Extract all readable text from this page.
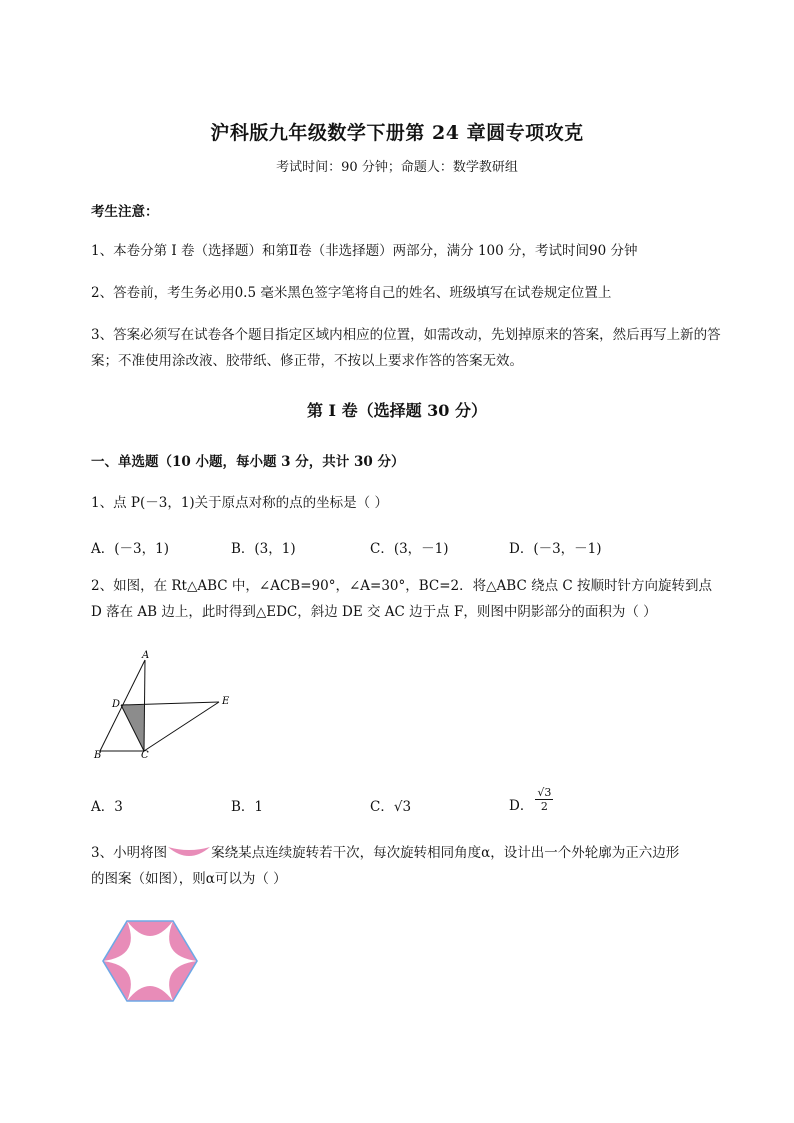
沪科版九年级数学下册第 24 章圆专项攻克
考试时间：90 分钟；命题人：数学教研组
考生注意：
1、本卷分第 I 卷（选择题）和第Ⅱ卷（非选择题）两部分，满分 100 分，考试时间90 分钟
2、答卷前，考生务必用0.5 毫米黑色签字笔将自己的姓名、班级填写在试卷规定位置上
3、答案必须写在试卷各个题目指定区域内相应的位置，如需改动，先划掉原来的答案，然后再写上新的答案；不准使用涂改液、胶带纸、修正带，不按以上要求作答的答案无效。
第 I 卷（选择题 30 分）
一、单选题（10 小题，每小题 3 分，共计 30 分）
1、点 P(－3，1)关于原点对称的点的坐标是（ ）
A．(－3，1)	B．(3，1)	C．(3，－1)	D．(－3，－1)
2、如图，在 Rt△ABC 中，∠ACB=90°，∠A=30°，BC=2．将△ABC 绕点 C 按顺时针方向旋转到点
D 落在 AB 边上，此时得到△EDC，斜边 DE 交 AC 边于点 F，则图中阴影部分的面积为（ ）
A
D	E
B	C
A．3	B．1	C．√3	D． $\frac{√3}{2}$
3、小明将图	案绕某点连续旋转若干次，每次旋转相同角度α，设计出一个外轮廓为正六边形
的图案（如图），则α可以为（ ）
